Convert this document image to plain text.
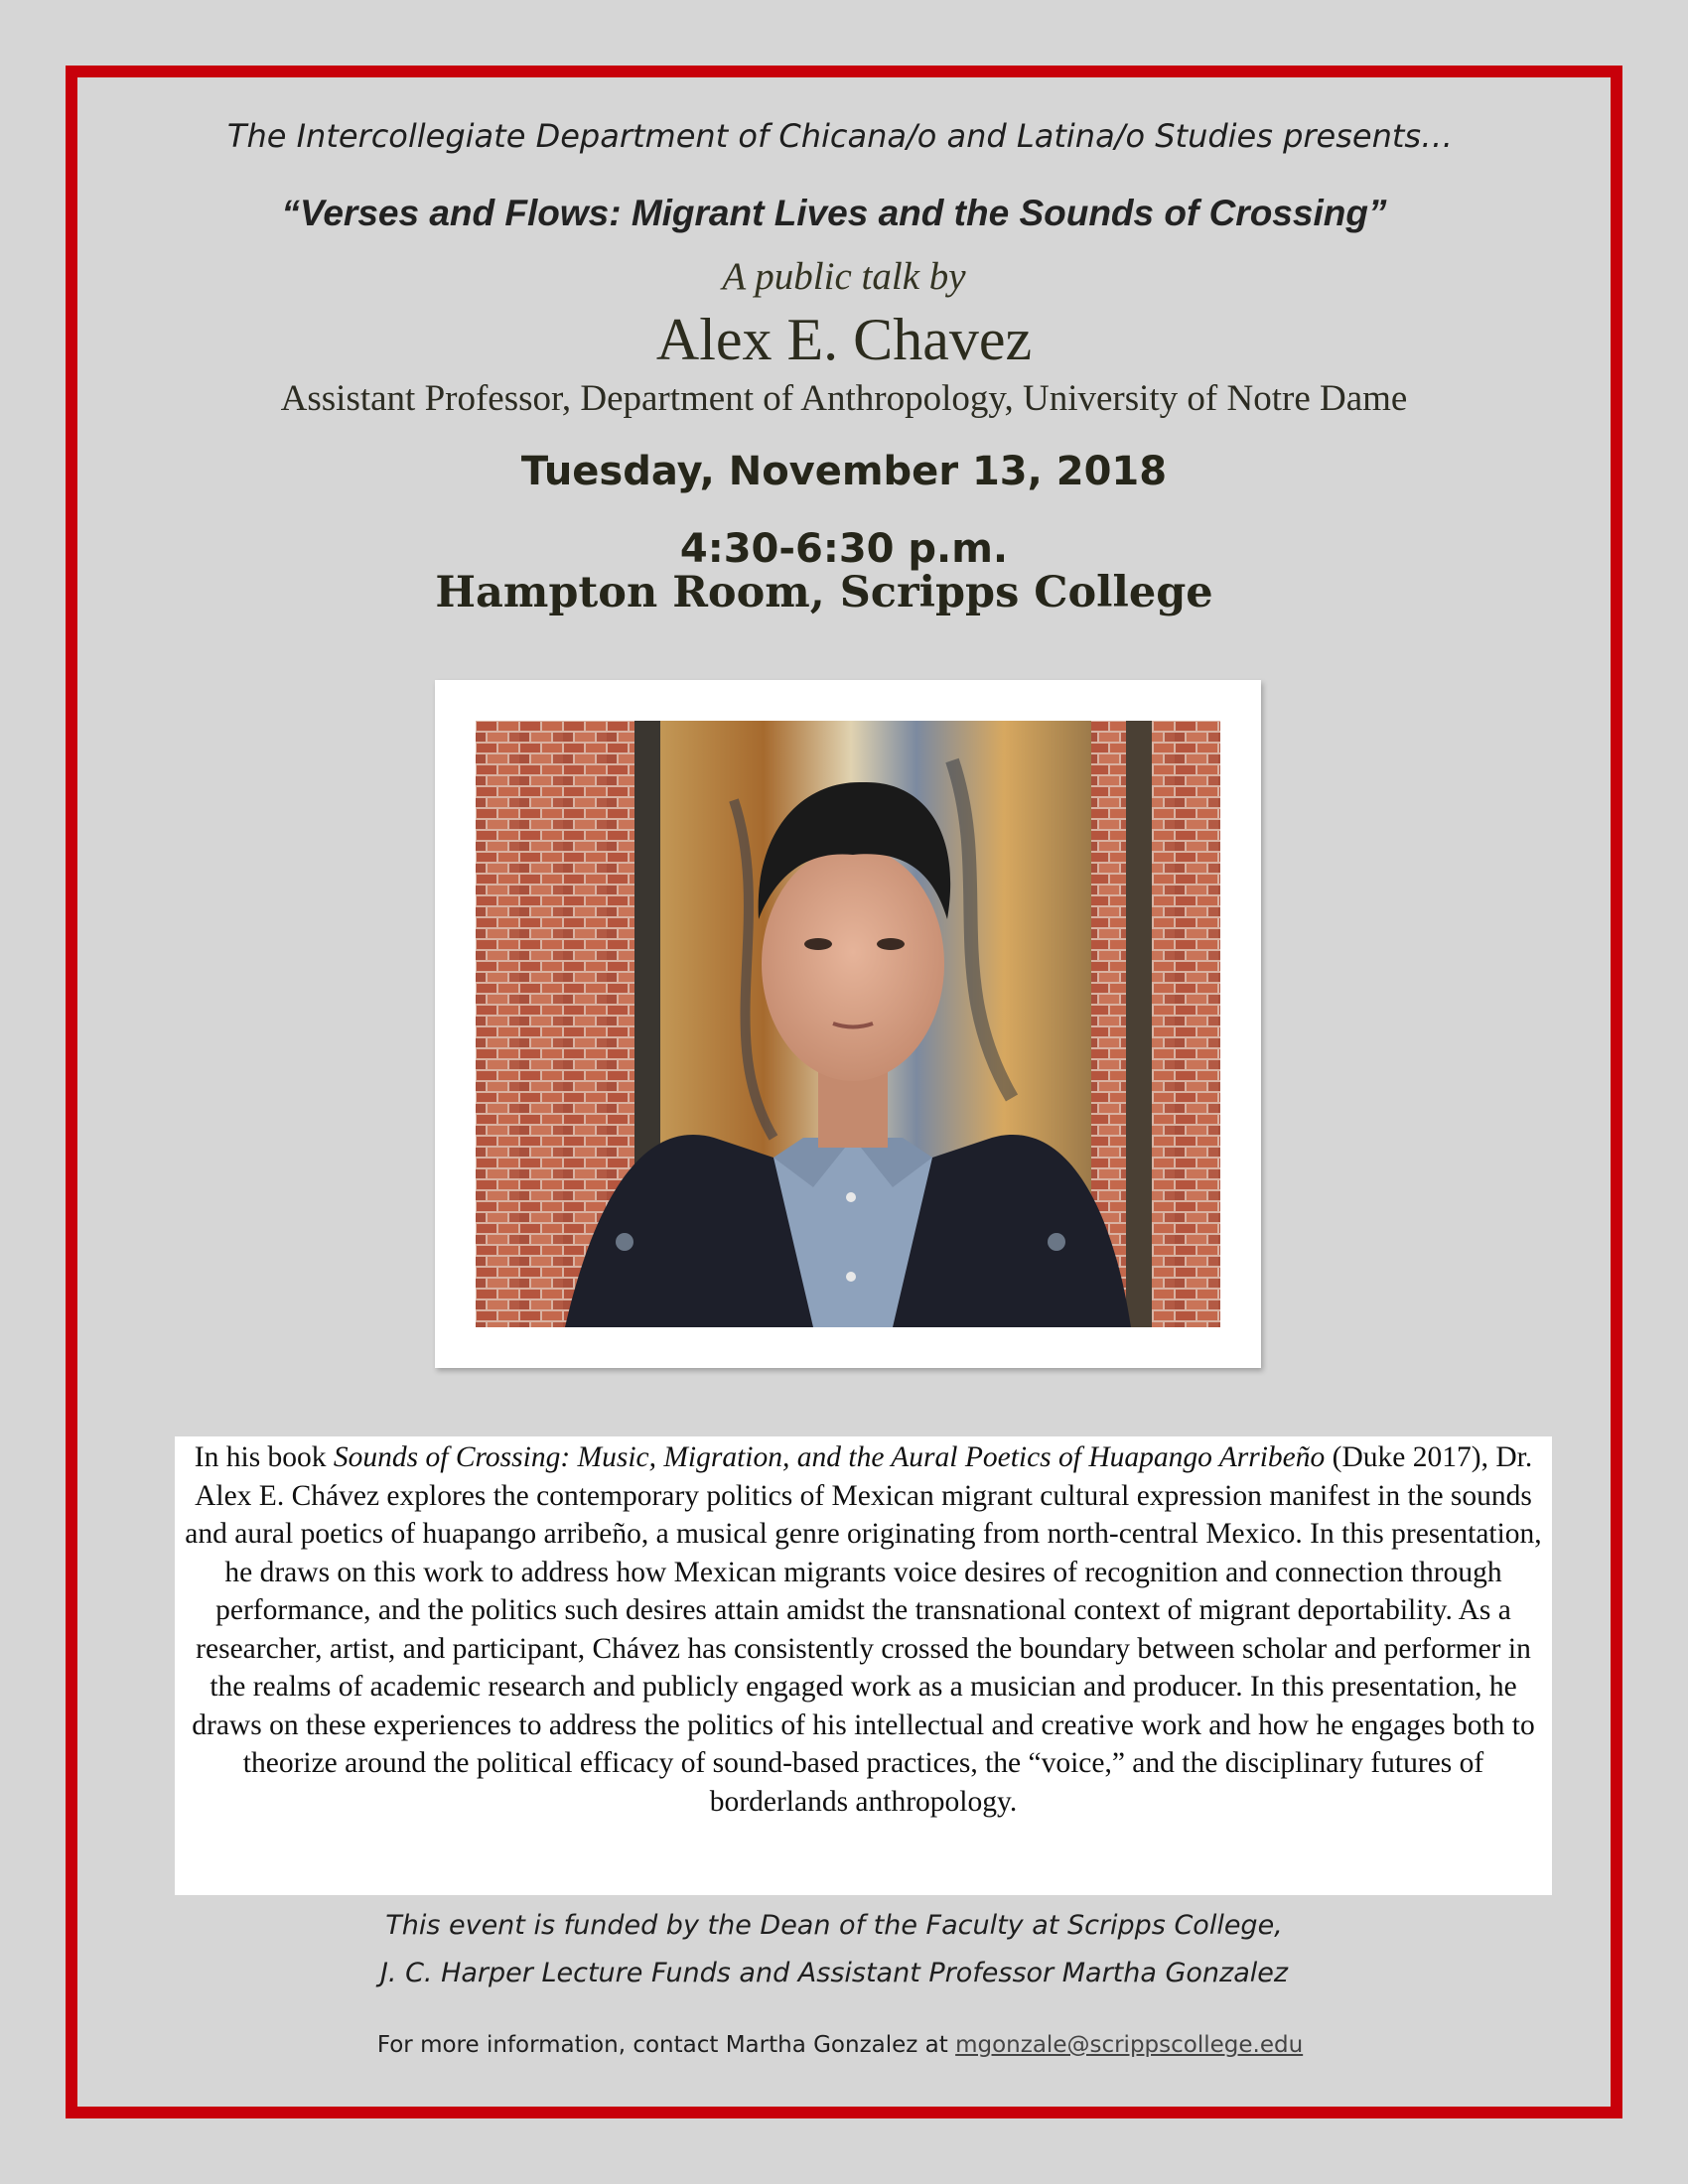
The Intercollegiate Department of Chicana/o and Latina/o Studies presents…
“Verses and Flows: Migrant Lives and the Sounds of Crossing”
A public talk by
Alex E. Chavez
Assistant Professor, Department of Anthropology, University of Notre Dame
Tuesday, November 13, 2018
4:30-6:30 p.m.
Hampton Room, Scripps College

In his book Sounds of Crossing: Music, Migration, and the Aural Poetics of Huapango Arribeño (Duke 2017), Dr. Alex E. Chávez explores the contemporary politics of Mexican migrant cultural expression manifest in the sounds and aural poetics of huapango arribeño, a musical genre originating from north-central Mexico. In this presentation, he draws on this work to address how Mexican migrants voice desires of recognition and connection through performance, and the politics such desires attain amidst the transnational context of migrant deportability. As a researcher, artist, and participant, Chávez has consistently crossed the boundary between scholar and performer in the realms of academic research and publicly engaged work as a musician and producer. In this presentation, he draws on these experiences to address the politics of his intellectual and creative work and how he engages both to theorize around the political efficacy of sound-based practices, the “voice,” and the disciplinary futures of borderlands anthropology.

This event is funded by the Dean of the Faculty at Scripps College,
J. C. Harper Lecture Funds and Assistant Professor Martha Gonzalez
For more information, contact Martha Gonzalez at mgonzale@scrippscollege.edu
